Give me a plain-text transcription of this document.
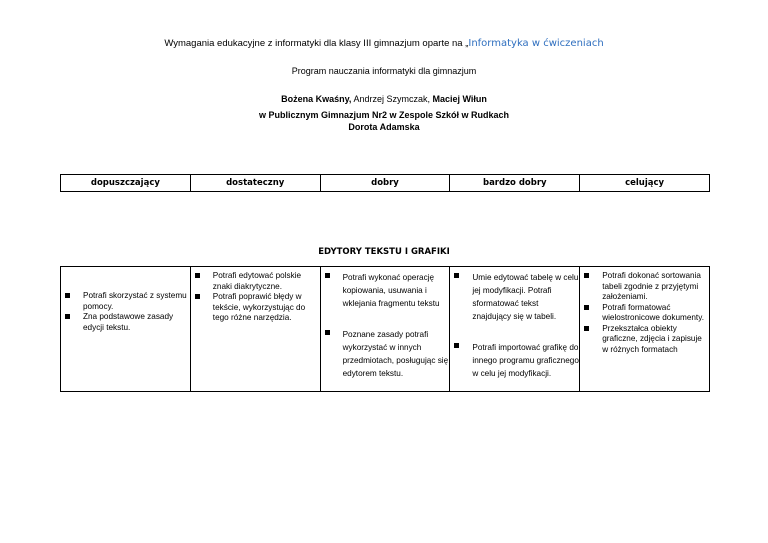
Wymagania edukacyjne z informatyki dla klasy III gimnazjum oparte na „Informatyka w ćwiczeniach
Program nauczania informatyki dla gimnazjum
Bożena Kwaśny, Andrzej Szymczak, Maciej Wiłun
w Publicznym Gimnazjum Nr2 w Zespole Szkół w Rudkach
Dorota Adamska
dopuszczający	dostateczny	dobry	bardzo dobry	celujący
EDYTORY TEKSTU I GRAFIKI
Potrafi skorzystać z systemu pomocy.
Zna podstawowe zasady edycji tekstu.

Potrafi edytować polskie znaki diakrytyczne.
Potrafi poprawić błędy w tekście, wykorzystując do tego różne narzędzia.

Potrafi wykonać operację kopiowania, usuwania i wklejania fragmentu tekstu
Poznane zasady potrafi wykorzystać w innych przedmiotach, posługując się edytorem tekstu.

Umie edytować tabelę w celu jej modyfikacji. Potrafi sformatować tekst znajdujący się w tabeli.
Potrafi importować grafikę do innego programu graficznego w celu jej modyfikacji.

Potrafi dokonać sortowania tabeli zgodnie z przyjętymi założeniami.
Potrafi formatować wielostronicowe dokumenty.
Przekształca obiekty graficzne, zdjęcia i zapisuje w różnych formatach
